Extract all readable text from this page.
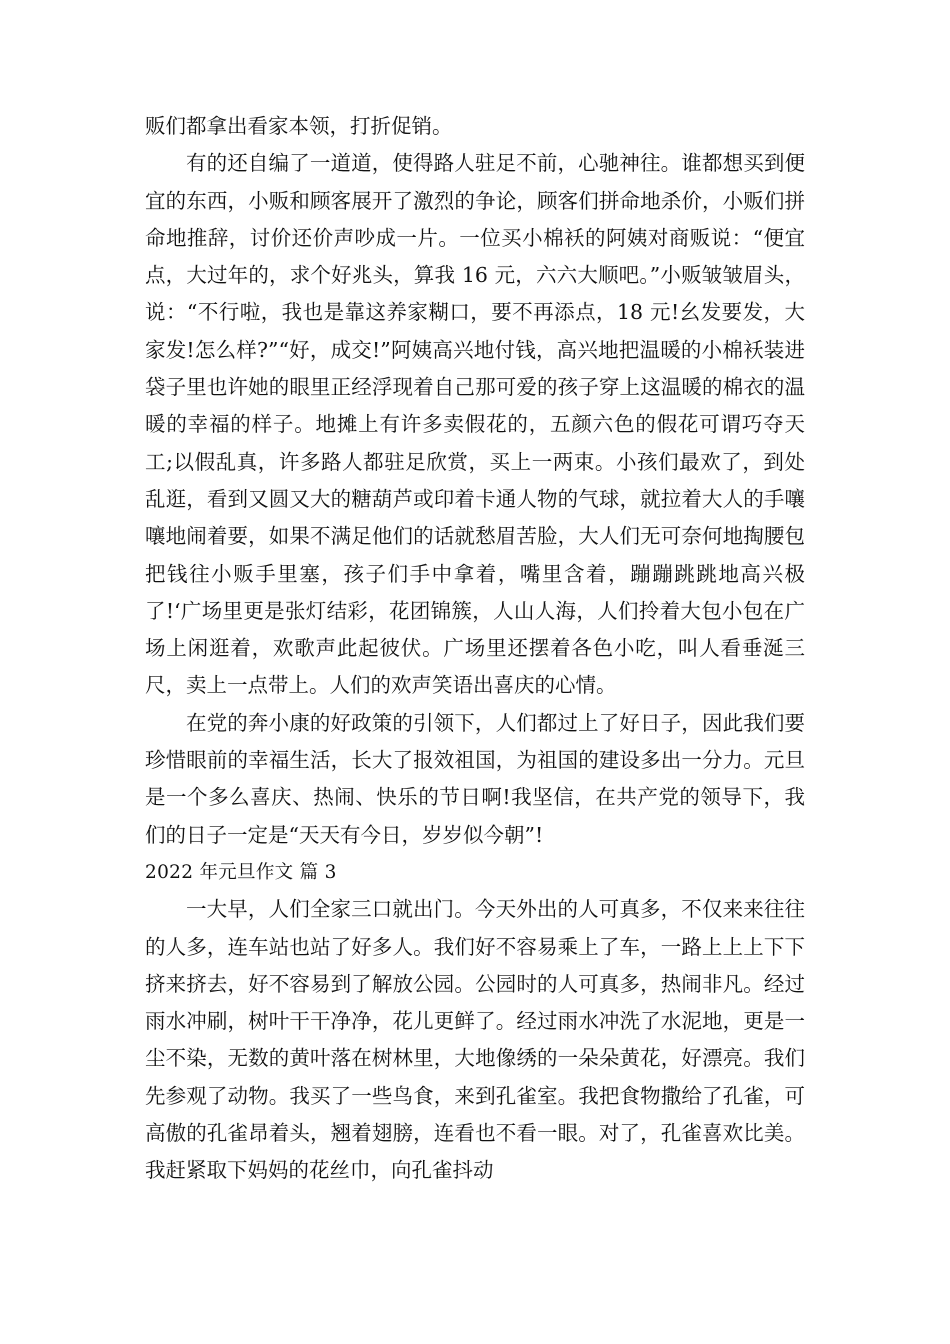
贩们都拿出看家本领，打折促销。

有的还自编了一道道，使得路人驻足不前，心驰神往。谁都想买到便宜的东西，小贩和顾客展开了激烈的争论，顾客们拼命地杀价，小贩们拼命地推辞，讨价还价声吵成一片。一位买小棉袄的阿姨对商贩说：“便宜点，大过年的，求个好兆头，算我 16 元，六六大顺吧。”小贩皱皱眉头，说：“不行啦，我也是靠这养家糊口，要不再添点，18 元!幺发要发，大家发!怎么样?”“好，成交!”阿姨高兴地付钱，高兴地把温暖的小棉袄装进袋子里也许她的眼里正经浮现着自己那可爱的孩子穿上这温暖的棉衣的温暖的幸福的样子。地摊上有许多卖假花的，五颜六色的假花可谓巧夺天工;以假乱真，许多路人都驻足欣赏，买上一两束。小孩们最欢了，到处乱逛，看到又圆又大的糖葫芦或印着卡通人物的气球，就拉着大人的手嚷嚷地闹着要，如果不满足他们的话就愁眉苦脸，大人们无可奈何地掏腰包把钱往小贩手里塞，孩子们手中拿着，嘴里含着，蹦蹦跳跳地高兴极了!‘广场里更是张灯结彩，花团锦簇，人山人海，人们拎着大包小包在广场上闲逛着，欢歌声此起彼伏。广场里还摆着各色小吃，叫人看垂涎三尺，卖上一点带上。人们的欢声笑语出喜庆的心情。

在党的奔小康的好政策的引领下，人们都过上了好日子，因此我们要珍惜眼前的幸福生活，长大了报效祖国，为祖国的建设多出一分力。元旦是一个多么喜庆、热闹、快乐的节日啊!我坚信，在共产党的领导下，我们的日子一定是“天天有今日，岁岁似今朝”!

2022 年元旦作文 篇 3

一大早，人们全家三口就出门。今天外出的人可真多，不仅来来往往的人多，连车站也站了好多人。我们好不容易乘上了车，一路上上上下下挤来挤去，好不容易到了解放公园。公园时的人可真多，热闹非凡。经过雨水冲刷，树叶干干净净，花儿更鲜了。经过雨水冲洗了水泥地，更是一尘不染，无数的黄叶落在树林里，大地像绣的一朵朵黄花，好漂亮。我们先参观了动物。我买了一些鸟食，来到孔雀室。我把食物撒给了孔雀，可高傲的孔雀昂着头，翘着翅膀，连看也不看一眼。对了，孔雀喜欢比美。我赶紧取下妈妈的花丝巾，向孔雀抖动
